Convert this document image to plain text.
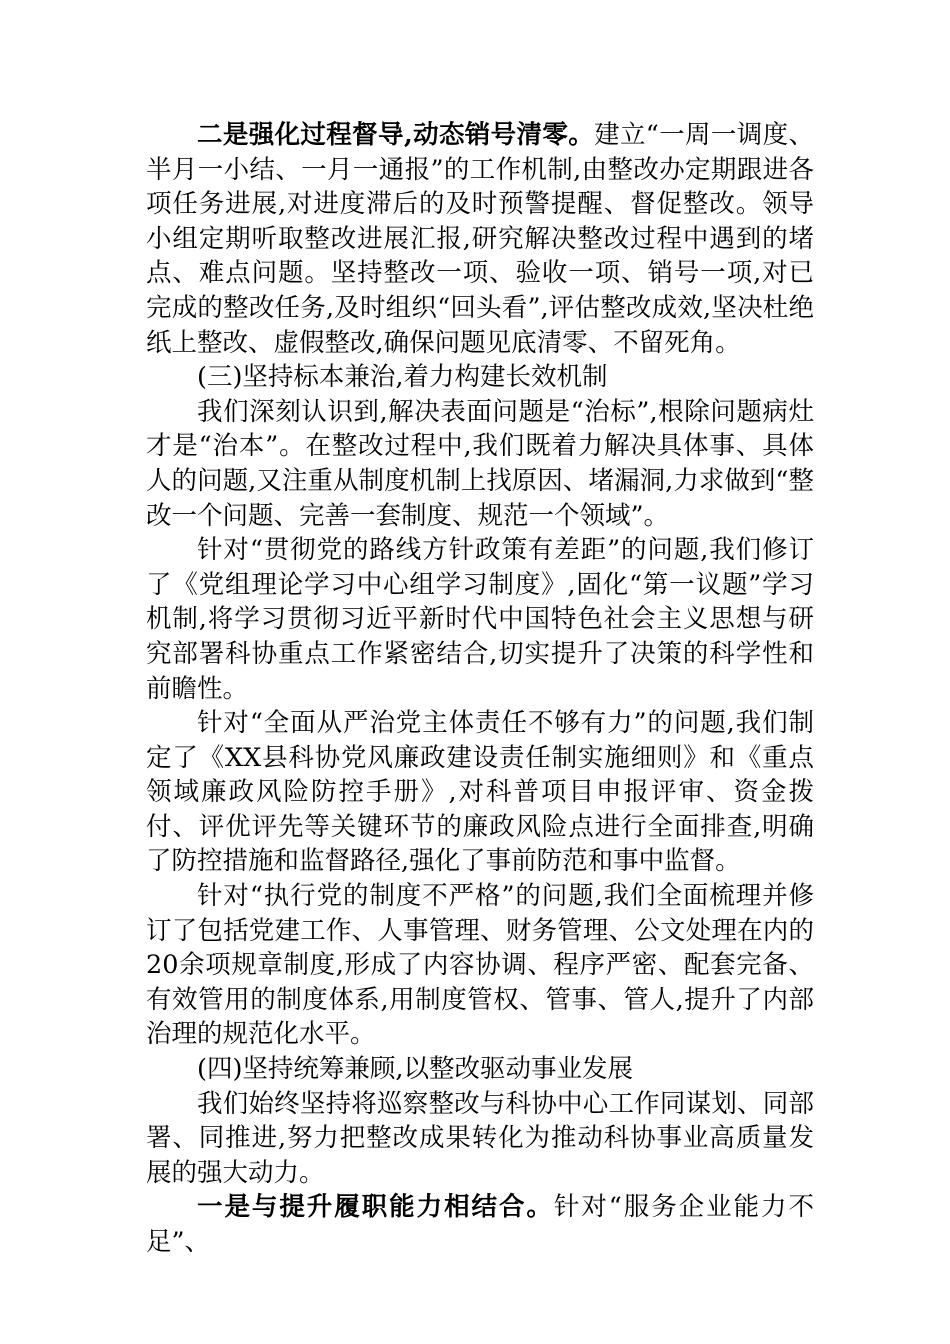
二是强化过程督导,动态销号清零。建立“一周一调度、半月一小结、一月一通报”的工作机制,由整改办定期跟进各项任务进展,对进度滞后的及时预警提醒、督促整改。领导小组定期听取整改进展汇报,研究解决整改过程中遇到的堵点、难点问题。坚持整改一项、验收一项、销号一项,对已完成的整改任务,及时组织“回头看”,评估整改成效,坚决杜绝纸上整改、虚假整改,确保问题见底清零、不留死角。

(三)坚持标本兼治,着力构建长效机制

我们深刻认识到,解决表面问题是“治标”,根除问题病灶才是“治本”。在整改过程中,我们既着力解决具体事、具体人的问题,又注重从制度机制上找原因、堵漏洞,力求做到“整改一个问题、完善一套制度、规范一个领域”。

针对“贯彻党的路线方针政策有差距”的问题,我们修订了《党组理论学习中心组学习制度》,固化“第一议题”学习机制,将学习贯彻习近平新时代中国特色社会主义思想与研究部署科协重点工作紧密结合,切实提升了决策的科学性和前瞻性。

针对“全面从严治党主体责任不够有力”的问题,我们制定了《XX县科协党风廉政建设责任制实施细则》和《重点领域廉政风险防控手册》,对科普项目申报评审、资金拨付、评优评先等关键环节的廉政风险点进行全面排查,明确了防控措施和监督路径,强化了事前防范和事中监督。

针对“执行党的制度不严格”的问题,我们全面梳理并修订了包括党建工作、人事管理、财务管理、公文处理在内的20余项规章制度,形成了内容协调、程序严密、配套完备、有效管用的制度体系,用制度管权、管事、管人,提升了内部治理的规范化水平。

(四)坚持统筹兼顾,以整改驱动事业发展

我们始终坚持将巡察整改与科协中心工作同谋划、同部署、同推进,努力把整改成果转化为推动科协事业高质量发展的强大动力。

一是与提升履职能力相结合。针对“服务企业能力不足”、
